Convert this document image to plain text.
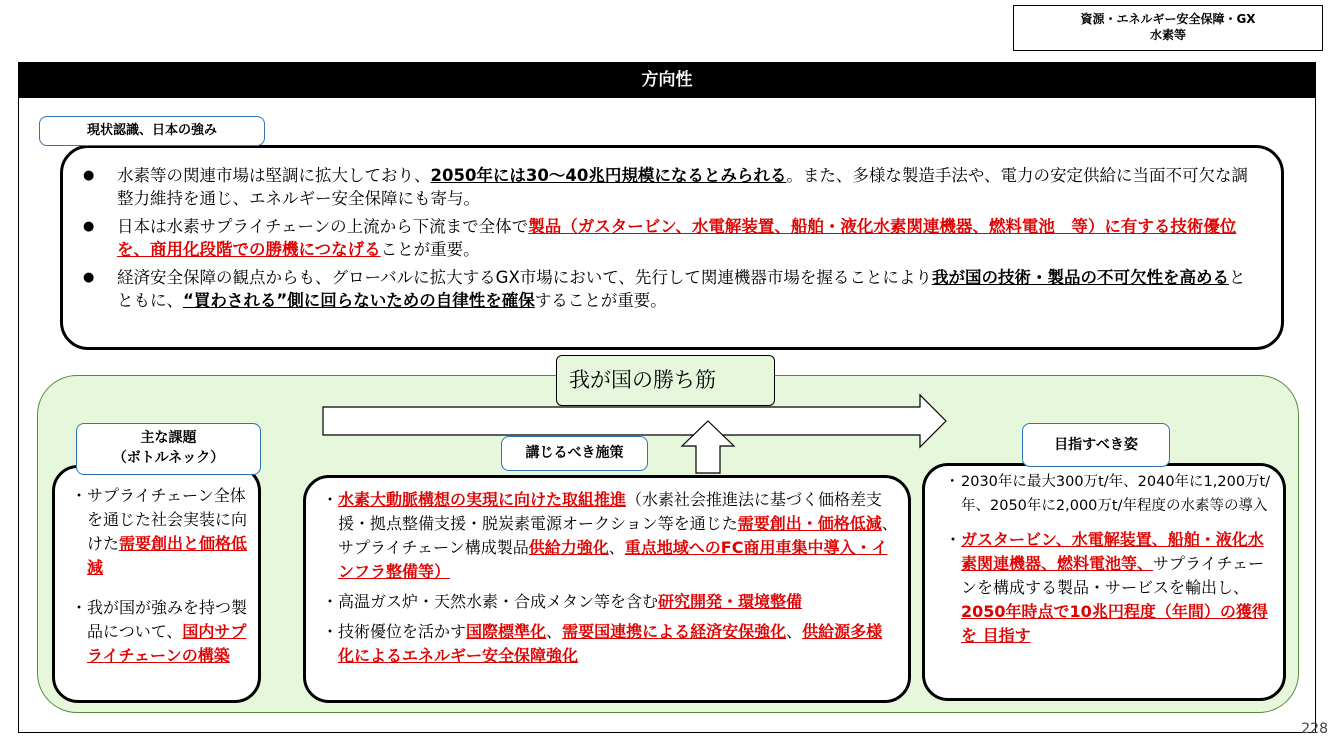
資源・エネルギー安全保障・GX
水素等
方向性
現状認識、日本の強み
●	水素等の関連市場は堅調に拡大しており、2050年には30～40兆円規模になるとみられる。また、多様な製造手法や、電力の安定供給に当面不可欠な調整力維持を通じ、エネルギー安全保障にも寄与。
●	日本は水素サプライチェーンの上流から下流まで全体で製品（ガスタービン、水電解装置、船舶・液化水素関連機器、燃料電池　等）に有する技術優位を、商用化段階での勝機につなげることが重要。
●	経済安全保障の観点からも、グローバルに拡大するGX市場において、先行して関連機器市場を握ることにより我が国の技術・製品の不可欠性を高めるとともに、“買わされる”側に回らないための自律性を確保することが重要。
我が国の勝ち筋
・ サプライチェーン全体を通じた社会実装に向けた需要創出と価格低減
・ 我が国が強みを持つ製品について、国内サプライチェーンの構築
主な課題
（ボトルネック）
・ 水素大動脈構想の実現に向けた取組推進（水素社会推進法に基づく価格差支援・拠点整備支援・脱炭素電源オークション等を通じた需要創出・価格低減、サプライチェーン構成製品供給力強化、重点地域へのFC商用車集中導入・インフラ整備等）
・ 高温ガス炉・天然水素・合成メタン等を含む研究開発・環境整備
・ 技術優位を活かす国際標準化、需要国連携による経済安保強化、供給源多様化によるエネルギー安全保障強化
講じるべき施策
・ 2030年に最大300万t/年、2040年に1,200万t/年、2050年に2,000万t/年程度の水素等の導入
・ ガスタービン、水電解装置、船舶・液化水素関連機器、燃料電池等、サプライチェーンを構成する製品・サービスを輸出し、2050年時点で10兆円程度（年間）の獲得を 目指す
目指すべき姿
228
